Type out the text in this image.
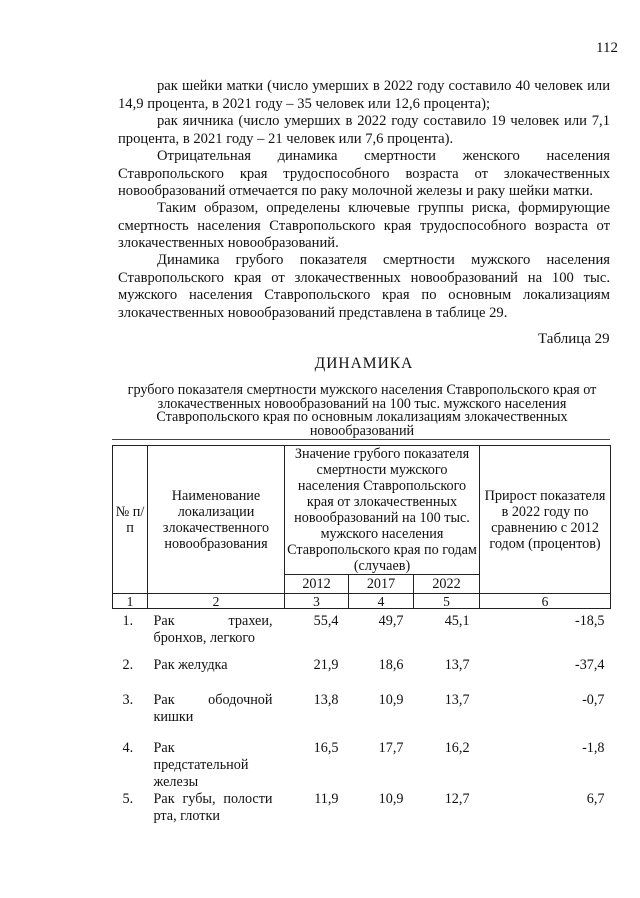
112
рак шейки матки (число умерших в 2022 году составило 40 человек или 14,9 процента, в 2021 году – 35 человек или 12,6 процента);
рак яичника (число умерших в 2022 году составило 19 человек или 7,1 процента, в 2021 году – 21 человек или 7,6 процента).
Отрицательная динамика смертности женского населения Ставропольского края трудоспособного возраста от злокачественных новообразований отмечается по раку молочной железы и раку шейки матки.
Таким образом, определены ключевые группы риска, формирующие смертность населения Ставропольского края трудоспособного возраста от злокачественных новообразований.
Динамика грубого показателя смертности мужского населения Ставропольского края от злокачественных новообразований на 100 тыс. мужского населения Ставропольского края по основным локализациям злокачественных новообразований представлена в таблице 29.
Таблица 29
ДИНАМИКА
грубого показателя смертности мужского населения Ставропольского края от злокачественных новообразований на 100 тыс. мужского населения Ставропольского края по основным локализациям злокачественных новообразований
№ п/п	Наименование локализации злокачественного новообразования	Значение грубого показателя смертности мужского населения Ставропольского края от злокачественных новообразований на 100 тыс. мужского населения Ставропольского края по годам (случаев)			Прирост показателя в 2022 году по сравнению с 2012 годом (процентов)
		2012	2017	2022	
1	2	3	4	5	6
1.	Рак трахеи, бронхов, легкого	55,4	49,7	45,1	-18,5
2.	Рак желудка	21,9	18,6	13,7	-37,4
3.	Рак ободочной кишки	13,8	10,9	13,7	-0,7
4.	Рак предстательной железы	16,5	17,7	16,2	-1,8
5.	Рак губы, полости рта, глотки	11,9	10,9	12,7	6,7
